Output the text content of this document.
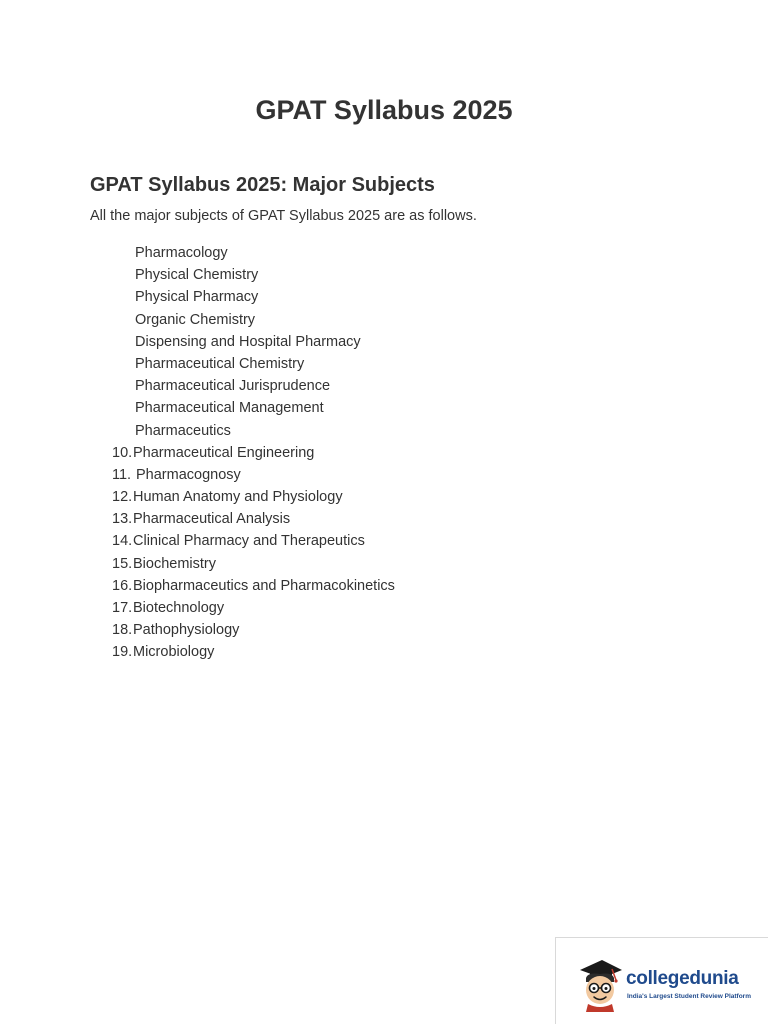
GPAT Syllabus 2025
GPAT Syllabus 2025: Major Subjects

All the major subjects of GPAT Syllabus 2025 are as follows.

Pharmacology
Physical Chemistry
Physical Pharmacy
Organic Chemistry
Dispensing and Hospital Pharmacy
Pharmaceutical Chemistry
Pharmaceutical Jurisprudence
Pharmaceutical Management
Pharmaceutics
10. Pharmaceutical Engineering
11. Pharmacognosy
12. Human Anatomy and Physiology
13. Pharmaceutical Analysis
14. Clinical Pharmacy and Therapeutics
15. Biochemistry
16. Biopharmaceutics and Pharmacokinetics
17. Biotechnology
18. Pathophysiology
19. Microbiology
collegedunia
India's Largest Student Review Platform
